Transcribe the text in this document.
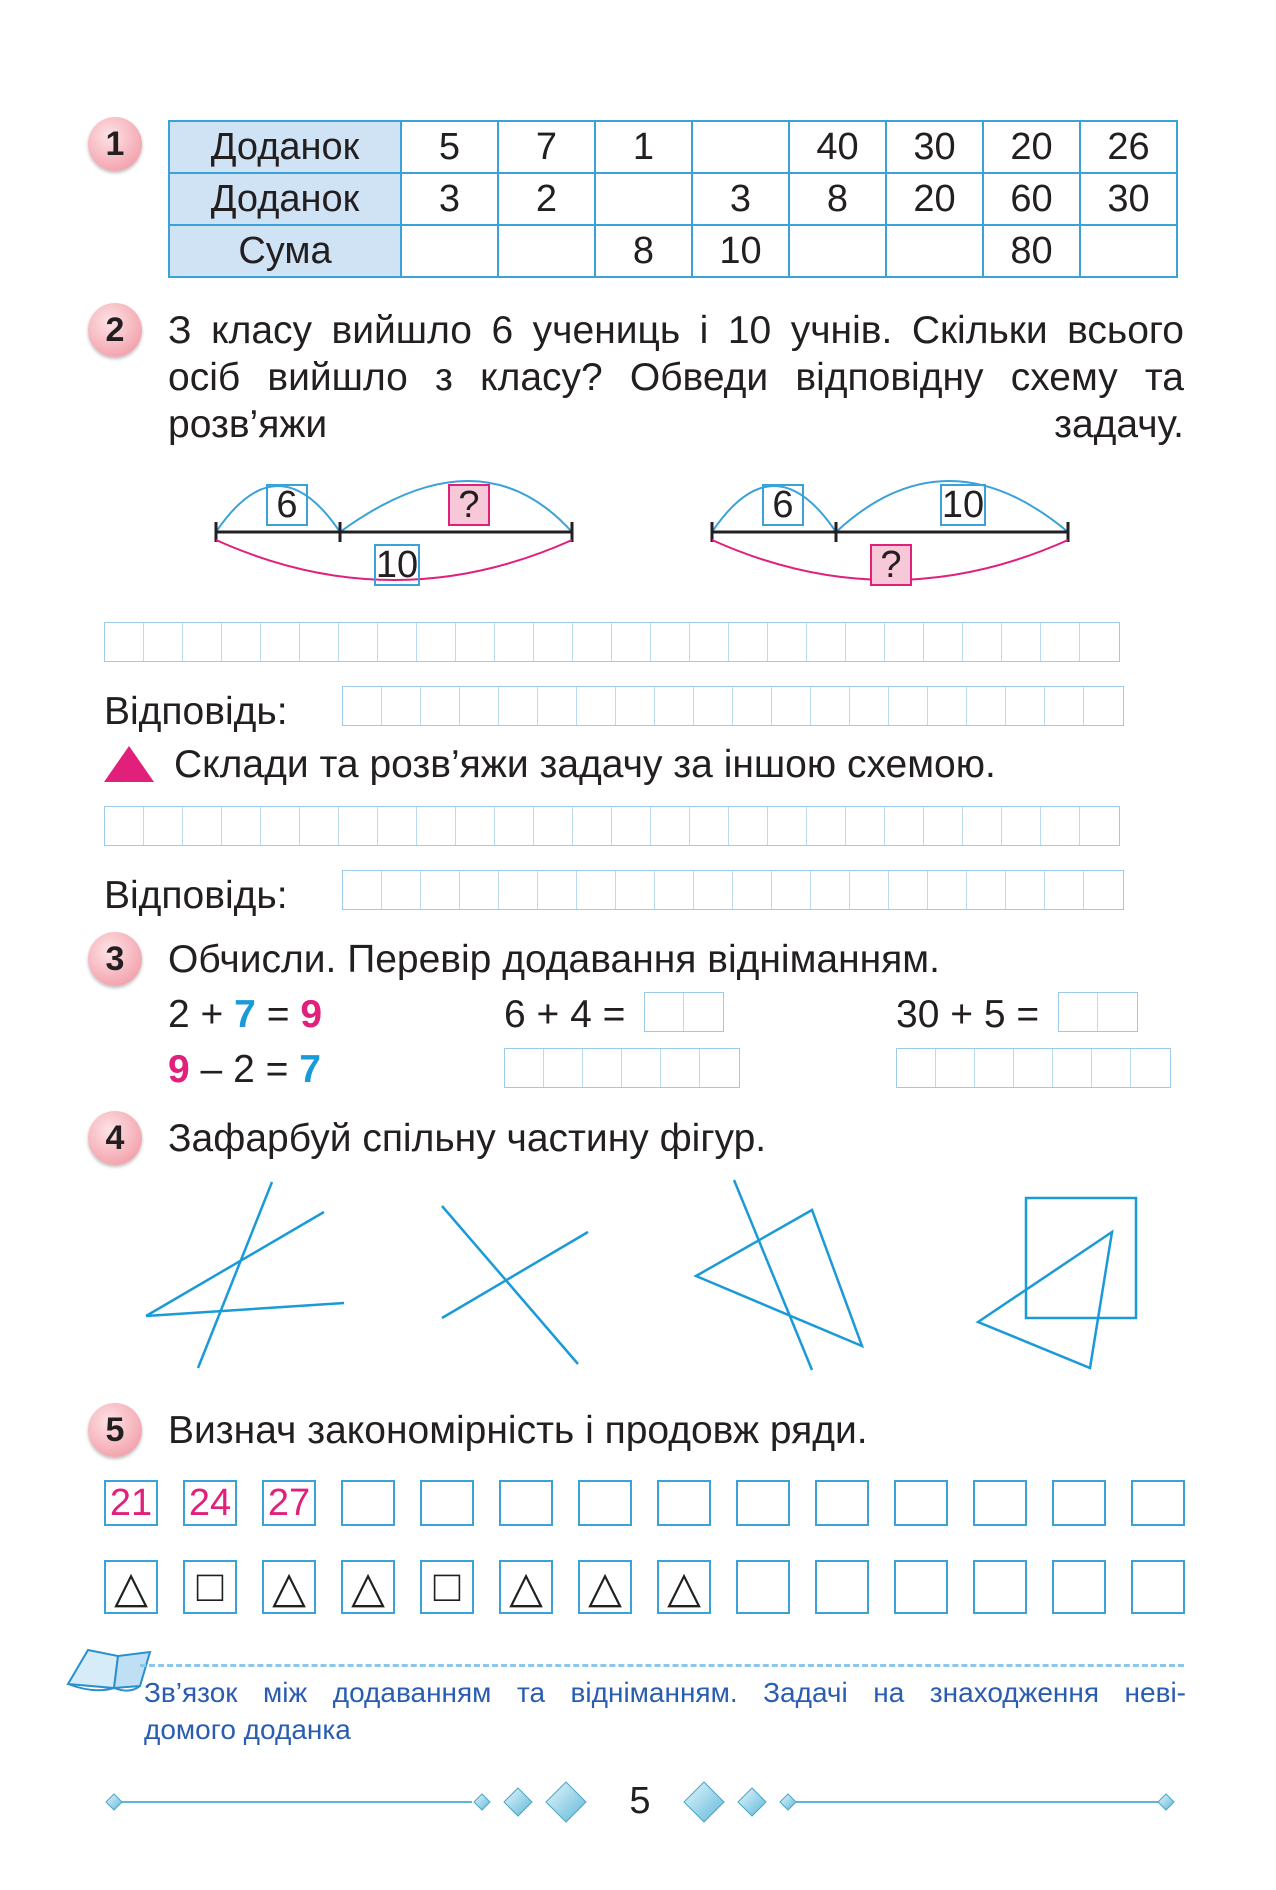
1	Доданок	5	7	1		40	30	20	26
Доданок	3	2		3	8	20	60	30
Сума			8	10			80	
2	З класу вийшло 6 учениць і 10 учнів. Скільки всього осіб вийшло з класу? Обведи відповідну схему та розв’яжи задачу.
6	?
10
6	10
?
Відповідь:
Склади та розв’яжи задачу за іншою схемою.
Відповідь:
3	Обчисли. Перевір додавання відніманням.
2 + 7 = 9
9 – 2 = 7
6 + 4 =	30 + 5 =
4	Зафарбуй спільну частину фігур.
5	Визнач закономірність і продовж ряди.
21 24 27
△	□	△ △	□	△ △ △
Зв’язок між додаванням та відніманням. Задачі на знаходження неві-
домого доданка
5
